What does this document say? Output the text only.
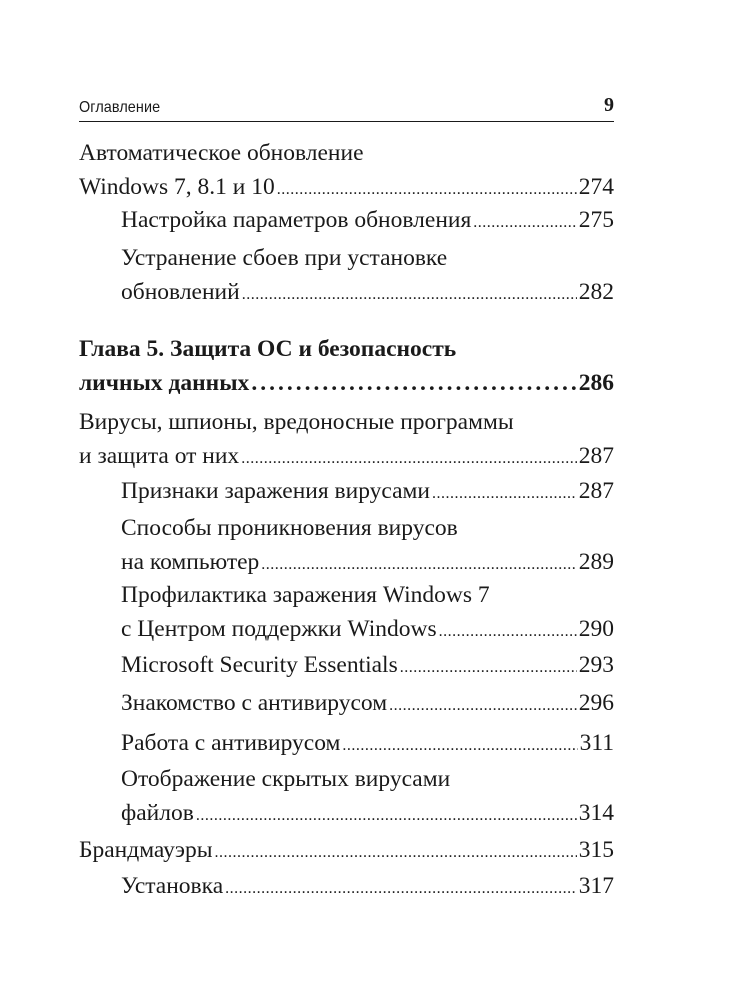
Оглавление	9
Автоматическое обновление
Windows 7, 8.1 и 10 .....	274
Настройка параметров обновления .....	275
Устранение сбоев при установке
обновлений .....	282
Глава 5. Защита ОС и безопасность
личных данных .....	286
Вирусы, шпионы, вредоносные программы
и защита от них .....	287
Признаки заражения вирусами .....	287
Способы проникновения вирусов
на компьютер .....	289
Профилактика заражения Windows 7
с Центром поддержки Windows .....	290
Microsoft Security Essentials .....	293
Знакомство с антивирусом .....	296
Работа с антивирусом .....	311
Отображение скрытых вирусами
файлов .....	314
Брандмауэры .....	315
Установка .....	317
